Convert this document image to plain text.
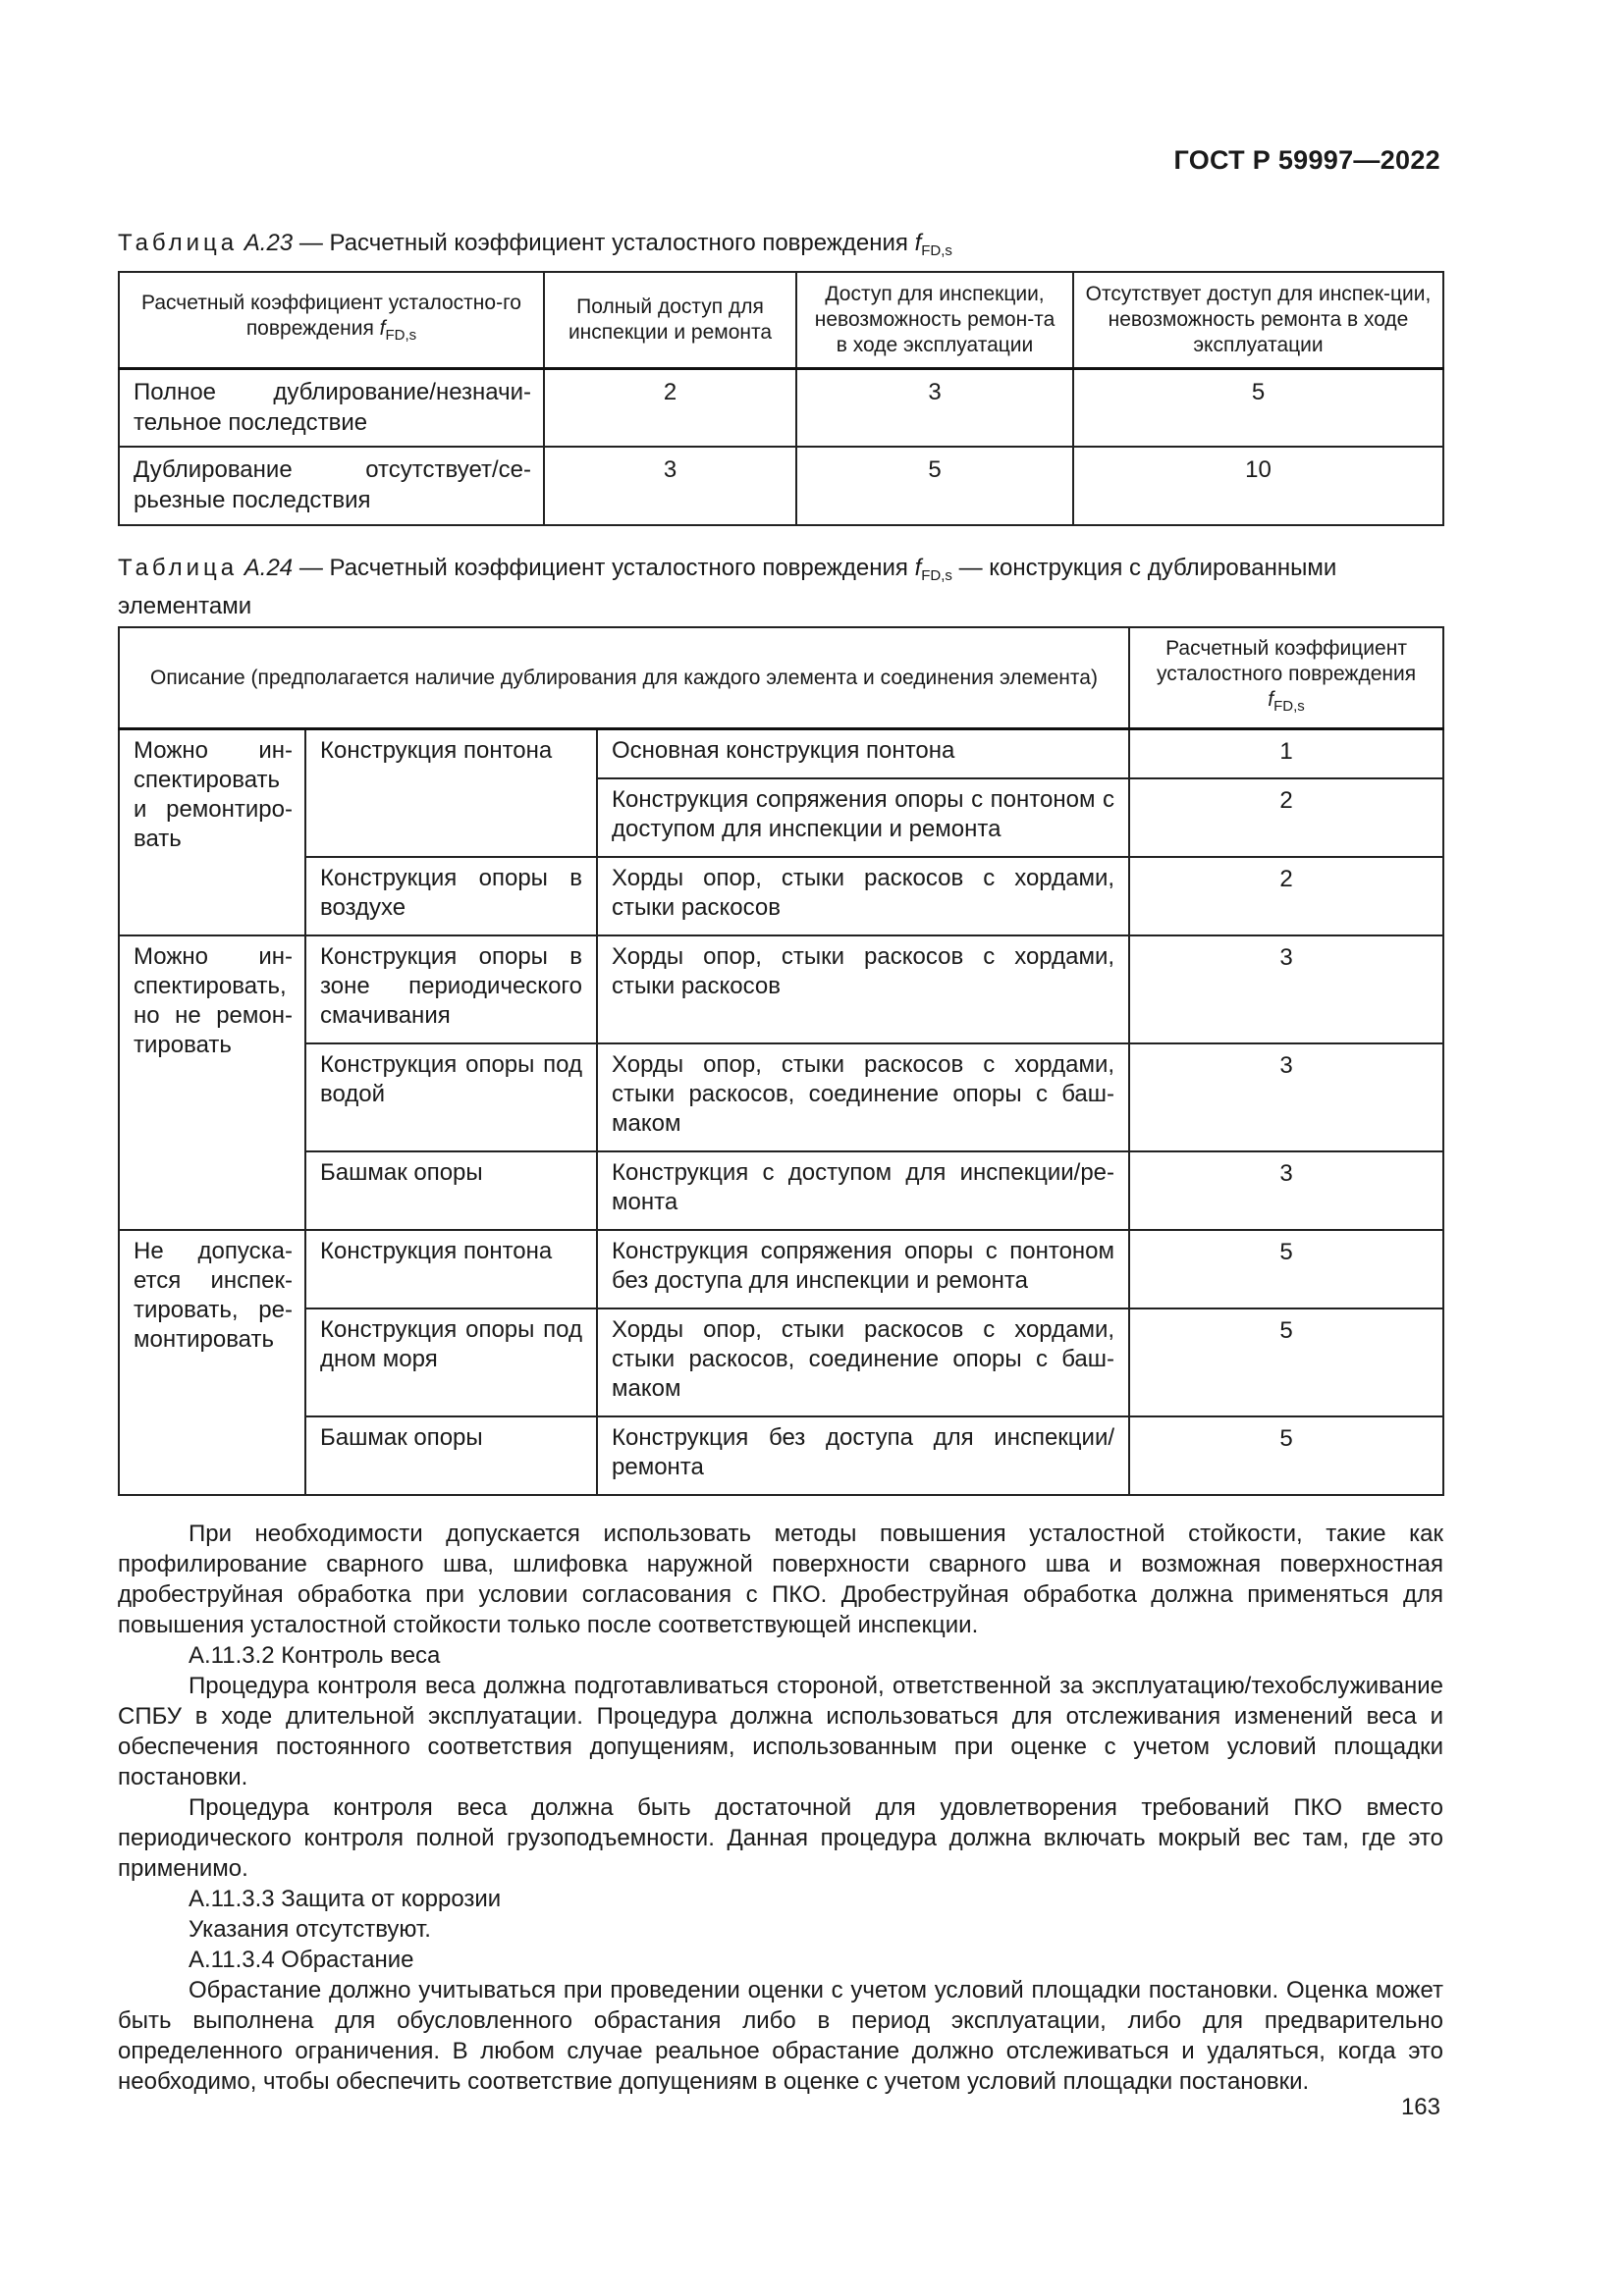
ГОСТ Р 59997—2022
Таблица А.23 — Расчетный коэффициент усталостного повреждения $f_{FD,s}$
Расчетный коэффициент усталостно-го повреждения $f_{FD,s}$	Полный доступ для инспекции и ремонта	Доступ для инспекции, невозможность ремон-та в ходе эксплуатации	Отсутствует доступ для инспек-ции, невозможность ремонта в ходе эксплуатации
Полное дублирование/незначи-тельное последствие	2	3	5
Дублирование отсутствует/се-рьезные последствия	3	5	10
Таблица А.24 — Расчетный коэффициент усталостного повреждения $f_{FD,s}$ — конструкция с дублированными элементами
Описание (предполагается наличие дублирования для каждого элемента и соединения элемента)			Расчетный коэффициент усталостного повреждения
$f_{FD,s}$
Можно ин-спектировать и ремонтиро-вать	Конструкция понтона	Основная конструкция понтона	1
		Конструкция сопряжения опоры с понтоном с доступом для инспекции и ремонта	2
	Конструкция опоры в воздухе	Хорды опор, стыки раскосов с хордами, стыки раскосов	2
Можно ин-спектировать, но не ремон-тировать	Конструкция опоры в зоне периодического смачивания	Хорды опор, стыки раскосов с хордами, стыки раскосов	3
	Конструкция опоры под водой	Хорды опор, стыки раскосов с хордами, стыки раскосов, соединение опоры с баш-маком	3
	Башмак опоры	Конструкция с доступом для инспекции/ре-монта	3
Не допуска-ется инспек-тировать, ре-монтировать	Конструкция понтона	Конструкция сопряжения опоры с понтоном без доступа для инспекции и ремонта	5
	Конструкция опоры под дном моря	Хорды опор, стыки раскосов с хордами, стыки раскосов, соединение опоры с баш-маком	5
	Башмак опоры	Конструкция без доступа для инспекции/ ремонта	5

При необходимости допускается использовать методы повышения усталостной стойкости, такие как профилирование сварного шва, шлифовка наружной поверхности сварного шва и возможная поверхностная дробеструйная обработка при условии согласования с ПКО. Дробеструйная обработка должна применяться для повышения усталостной стойкости только после соответствующей инспекции.

А.11.3.2 Контроль веса

Процедура контроля веса должна подготавливаться стороной, ответственной за эксплуатацию/техобслуживание СПБУ в ходе длительной эксплуатации. Процедура должна использоваться для отслеживания изменений веса и обеспечения постоянного соответствия допущениям, использованным при оценке с учетом условий площадки постановки.

Процедура контроля веса должна быть достаточной для удовлетворения требований ПКО вместо периодического контроля полной грузоподъемности. Данная процедура должна включать мокрый вес там, где это применимо.

А.11.3.3 Защита от коррозии

Указания отсутствуют.

А.11.3.4 Обрастание

Обрастание должно учитываться при проведении оценки с учетом условий площадки постановки. Оценка может быть выполнена для обусловленного обрастания либо в период эксплуатации, либо для предварительно определенного ограничения. В любом случае реальное обрастание должно отслеживаться и удаляться, когда это необходимо, чтобы обеспечить соответствие допущениям в оценке с учетом условий площадки постановки.

163
